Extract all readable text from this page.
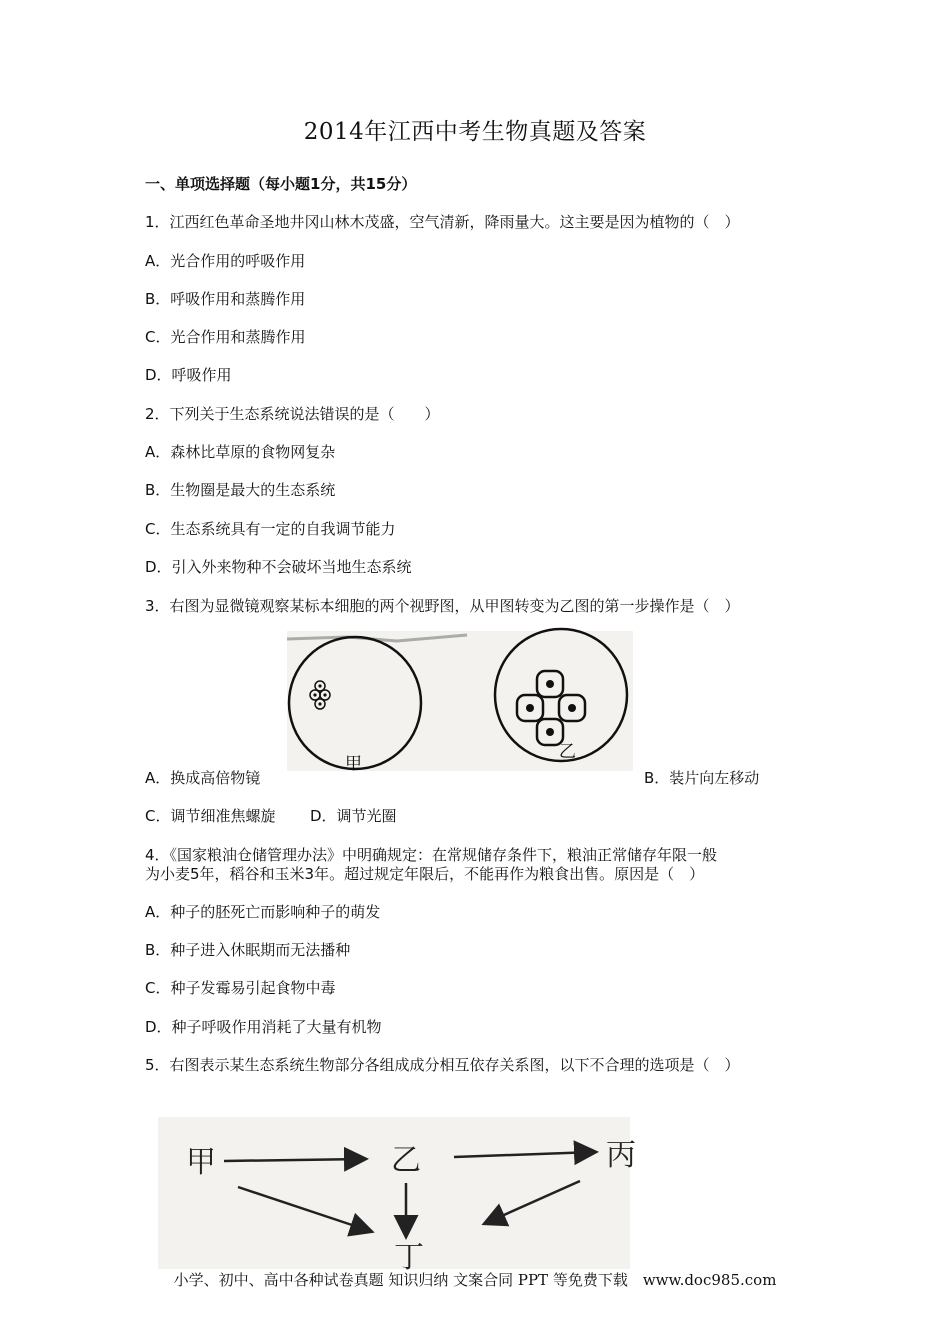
2014年江西中考生物真题及答案
一、单项选择题（每小题1分，共15分）
1．江西红色革命圣地井冈山林木茂盛，空气清新，降雨量大。这主要是因为植物的（　）
A．光合作用的呼吸作用
B．呼吸作用和蒸腾作用
C．光合作用和蒸腾作用
D．呼吸作用
2．下列关于生态系统说法错误的是（　　）
A．森林比草原的食物网复杂
B．生物圈是最大的生态系统
C．生态系统具有一定的自我调节能力
D．引入外来物种不会破坏当地生态系统
3．右图为显微镜观察某标本细胞的两个视野图，从甲图转变为乙图的第一步操作是（　）
甲
乙
A．换成高倍物镜	B．装片向左移动
C．调节细准焦螺旋 D．调节光圈
4．《国家粮油仓储管理办法》中明确规定：在常规储存条件下，粮油正常储存年限一般
为小麦5年，稻谷和玉米3年。超过规定年限后，不能再作为粮食出售。原因是（　）
A．种子的胚死亡而影响种子的萌发
B．种子进入休眠期而无法播种
C．种子发霉易引起食物中毒
D．种子呼吸作用消耗了大量有机物
5．右图表示某生态系统生物部分各组成成分相互依存关系图，以下不合理的选项是（　）
甲	乙	丙
丁
小学、初中、高中各种试卷真题 知识归纳 文案合同 PPT 等免费下载　www.doc985.com
